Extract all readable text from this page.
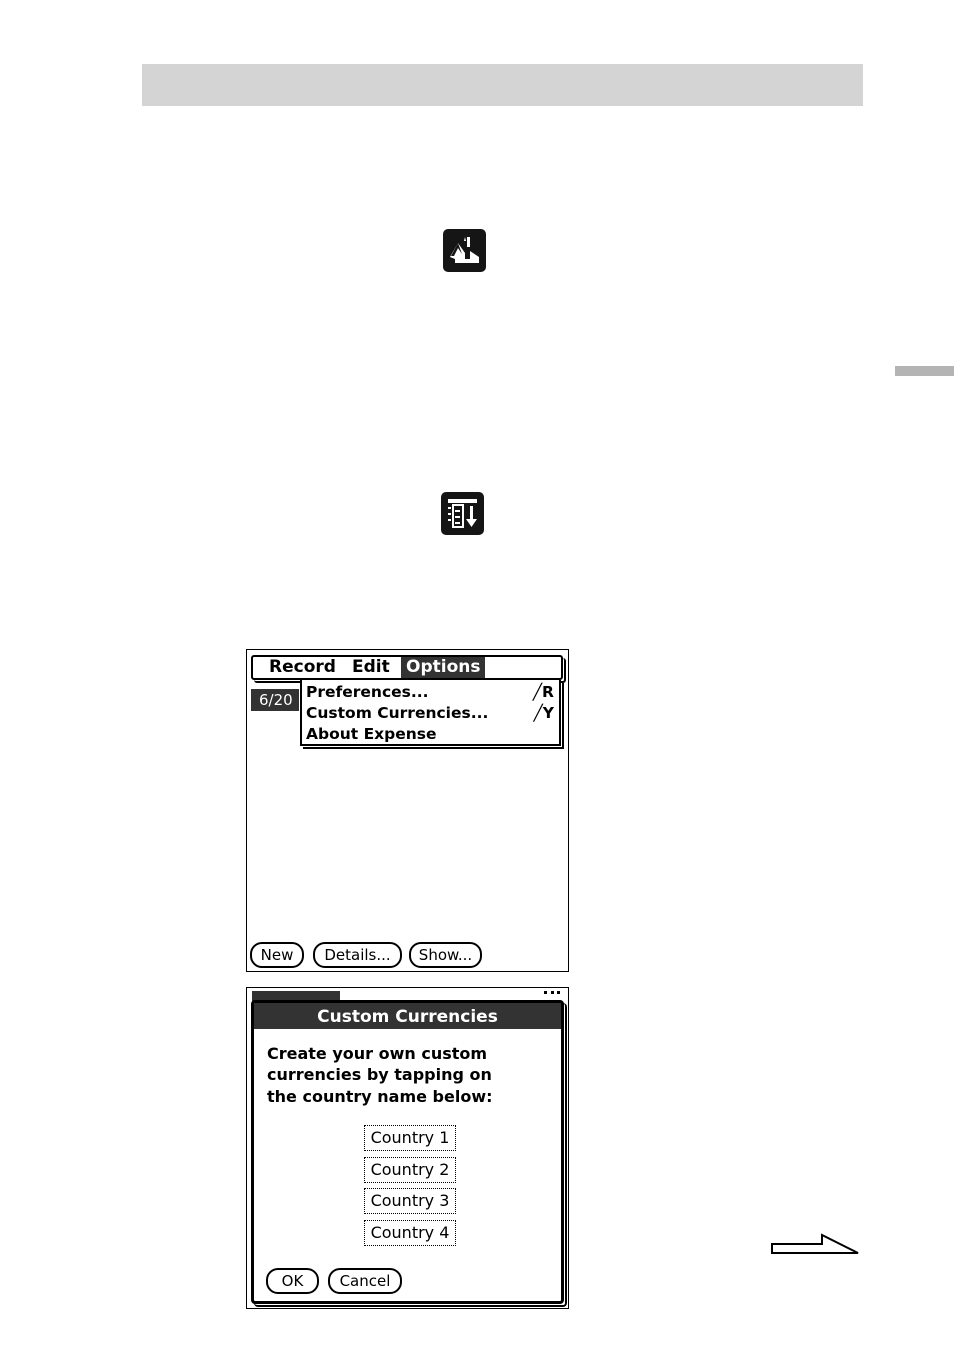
Record Edit Options
6/20 Preferences...	╱R
Custom Currencies...	╱Y
About Expense
New	Details...	Show...
Custom Currencies
Create your own custom
currencies by tapping on
the country name below:
Country 1
Country 2
Country 3
Country 4
OK	Cancel
